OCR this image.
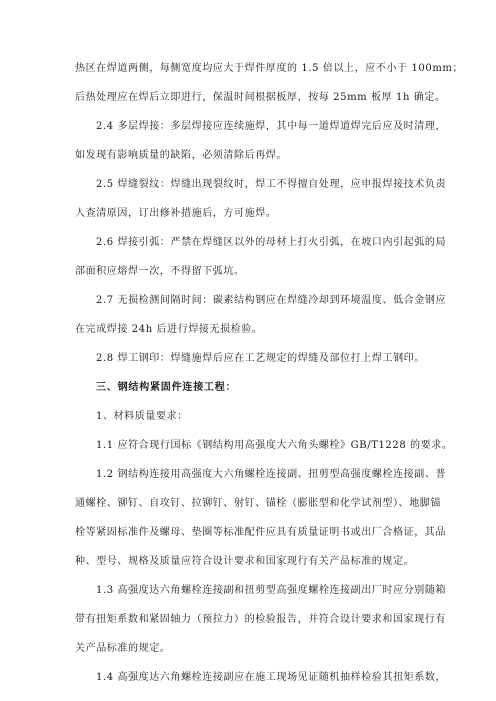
热区在焊道两侧，每侧宽度均应大于焊件厚度的 1.5 倍以上，应不小于 100mm；
后热处理应在焊后立即进行，保温时间根据板厚，按每 25mm 板厚 1h 确定。
2.4 多层焊接：多层焊接应连续施焊，其中每一道焊道焊完后应及时清理，
如发现有影响质量的缺陷，必须清除后再焊。
2.5 焊缝裂纹：焊缝出现裂纹时，焊工不得擅自处理，应申报焊接技术负责
人查清原因，订出修补措施后，方可施焊。
2.6 焊接引弧：严禁在焊缝区以外的母材上打火引弧，在坡口内引起弧的局
部面积应熔焊一次，不得留下弧坑。
2.7 无损检测间隔时间：碳素结构钢应在焊缝冷却到环境温度、低合金钢应
在完成焊接 24h 后进行焊接无损检验。
2.8 焊工钢印：焊缝施焊后应在工艺规定的焊缝及部位打上焊工钢印。
三、钢结构紧固件连接工程：
1、材料质量要求：
1.1 应符合现行国标《钢结构用高强度大六角头螺栓》GB/T1228 的要求。
1.2 钢结构连接用高强度大六角螺栓连接副、扭剪型高强度螺栓连接副、普
通螺栓、铆钉、自攻钉、拉铆钉、射钉、锚栓（膨胀型和化学试剂型）、地脚锚
栓等紧固标准件及螺母、垫圈等标准配件应具有质量证明书或出厂合格证，其品
种、型号、规格及质量应符合设计要求和国家现行有关产品标准的规定。
1.3 高强度达六角螺栓连接副和扭剪型高强度螺栓连接副出厂时应分别随箱
带有扭矩系数和紧固轴力（预拉力）的检验报告，并符合设计要求和国家现行有
关产品标准的规定。
1.4 高强度达六角螺栓连接副应在施工现场见证随机抽样检验其扭矩系数，
